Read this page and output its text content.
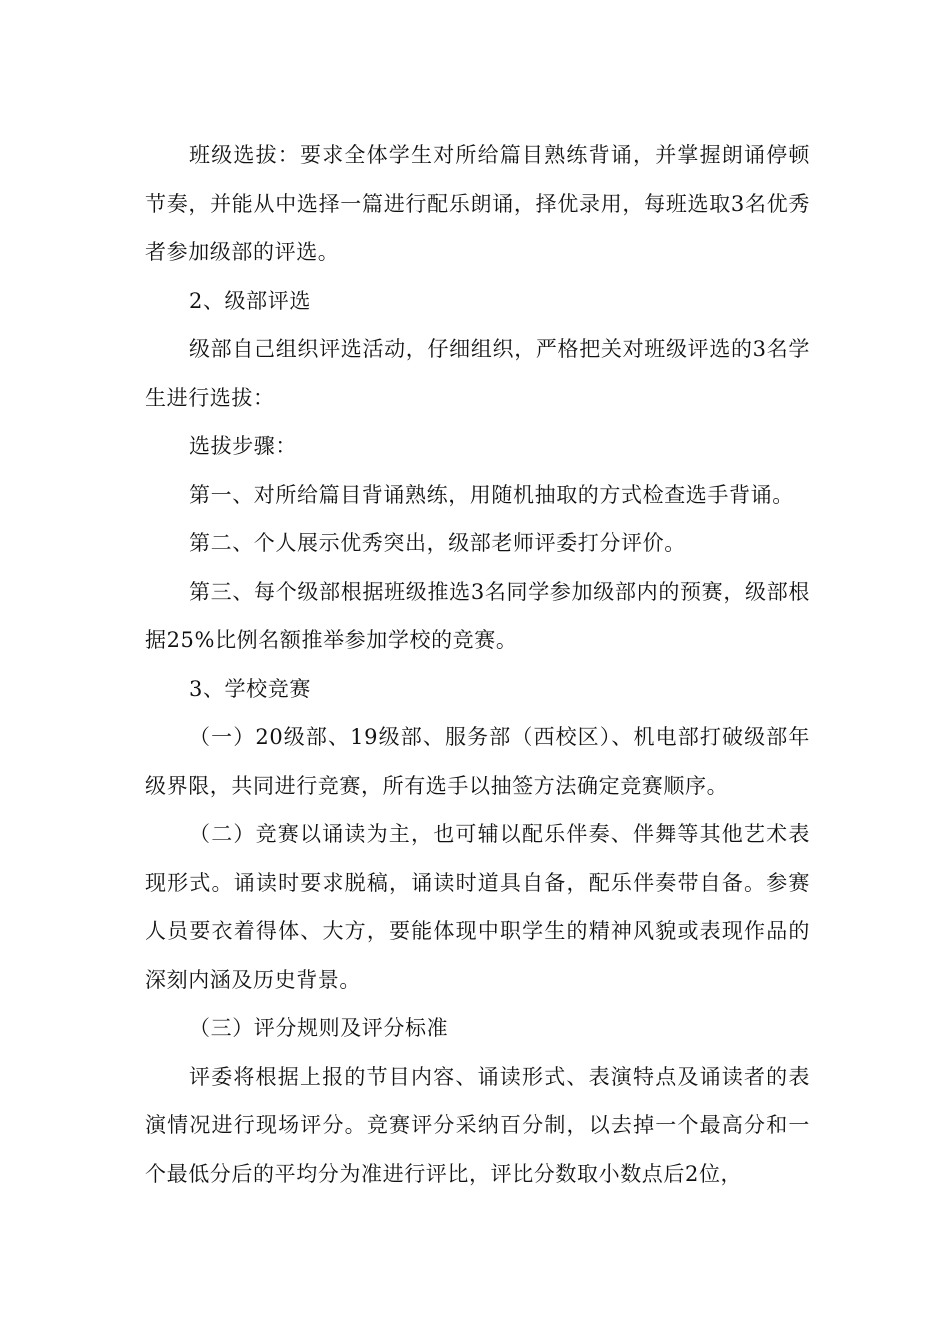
班级选拔：要求全体学生对所给篇目熟练背诵，并掌握朗诵停顿节奏，并能从中选择一篇进行配乐朗诵，择优录用，每班选取3名优秀者参加级部的评选。

2、级部评选

级部自己组织评选活动，仔细组织，严格把关对班级评选的3名学生进行选拔：

选拔步骤：

第一、对所给篇目背诵熟练，用随机抽取的方式检查选手背诵。

第二、个人展示优秀突出，级部老师评委打分评价。

第三、每个级部根据班级推选3名同学参加级部内的预赛，级部根据25%比例名额推举参加学校的竞赛。

3、学校竞赛

（一）20级部、19级部、服务部（西校区）、机电部打破级部年级界限，共同进行竞赛，所有选手以抽签方法确定竞赛顺序。

（二）竞赛以诵读为主，也可辅以配乐伴奏、伴舞等其他艺术表现形式。诵读时要求脱稿，诵读时道具自备，配乐伴奏带自备。参赛人员要衣着得体、大方，要能体现中职学生的精神风貌或表现作品的深刻内涵及历史背景。

（三）评分规则及评分标准

评委将根据上报的节目内容、诵读形式、表演特点及诵读者的表演情况进行现场评分。竞赛评分采纳百分制，以去掉一个最高分和一个最低分后的平均分为准进行评比，评比分数取小数点后2位，
